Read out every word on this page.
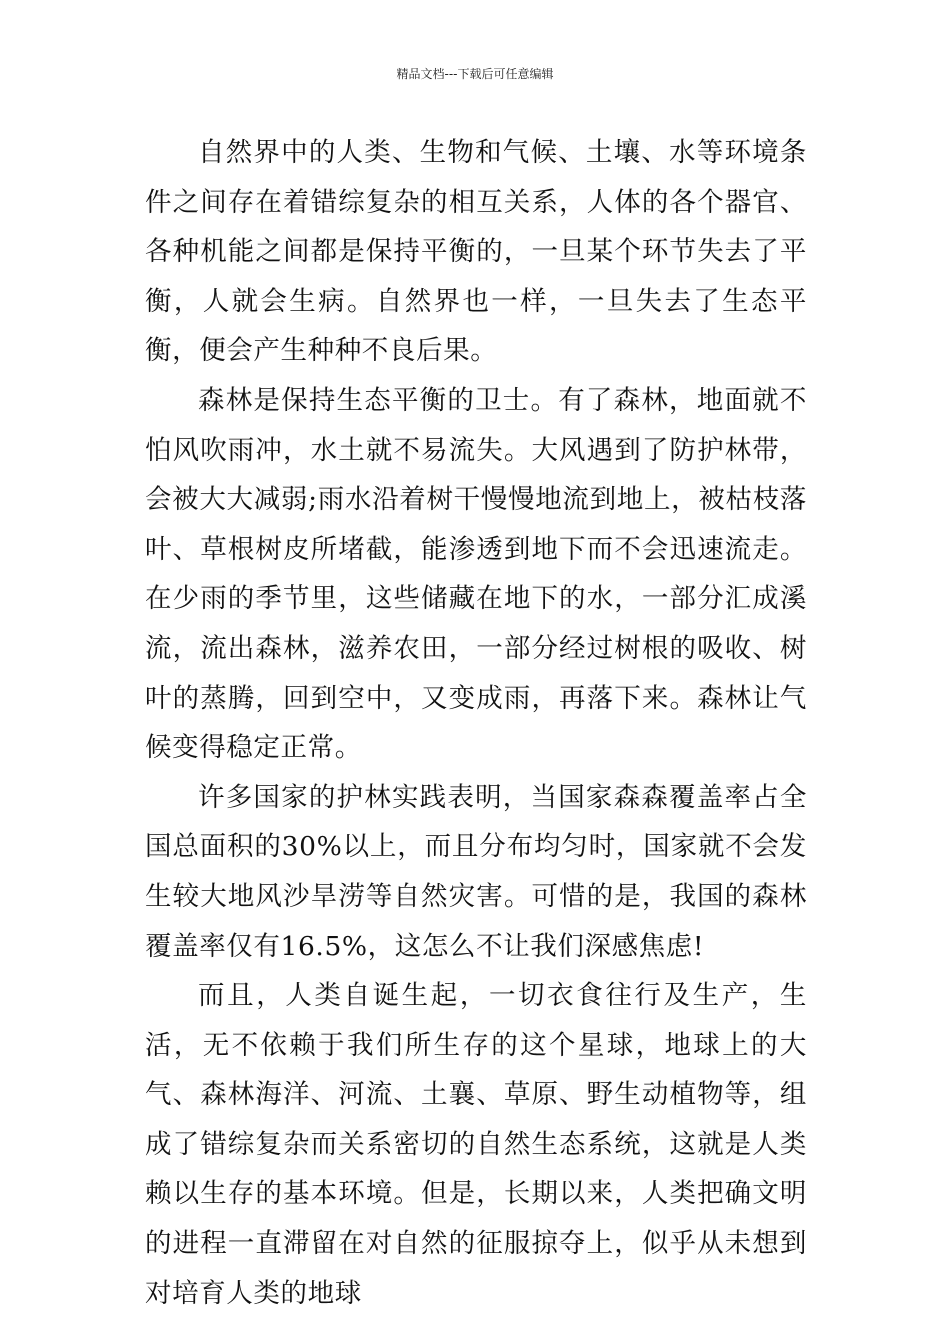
精品文档---下载后可任意编辑

自然界中的人类、生物和气候、土壤、水等环境条件之间存在着错综复杂的相互关系，人体的各个器官、各种机能之间都是保持平衡的，一旦某个环节失去了平衡，人就会生病。自然界也一样，一旦失去了生态平衡，便会产生种种不良后果。

森林是保持生态平衡的卫士。有了森林，地面就不怕风吹雨冲，水土就不易流失。大风遇到了防护林带，会被大大减弱;雨水沿着树干慢慢地流到地上，被枯枝落叶、草根树皮所堵截，能渗透到地下而不会迅速流走。在少雨的季节里，这些储藏在地下的水，一部分汇成溪流，流出森林，滋养农田，一部分经过树根的吸收、树叶的蒸腾，回到空中，又变成雨，再落下来。森林让气候变得稳定正常。

许多国家的护林实践表明，当国家森森覆盖率占全国总面积的30%以上，而且分布均匀时，国家就不会发生较大地风沙旱涝等自然灾害。可惜的是，我国的森林覆盖率仅有16.5%，这怎么不让我们深感焦虑!

而且，人类自诞生起，一切衣食往行及生产，生活，无不依赖于我们所生存的这个星球，地球上的大气、森林海洋、河流、土襄、草原、野生动植物等，组成了错综复杂而关系密切的自然生态系统，这就是人类赖以生存的基本环境。但是，长期以来，人类把确文明的进程一直滞留在对自然的征服掠夺上，似乎从未想到对培育人类的地球
